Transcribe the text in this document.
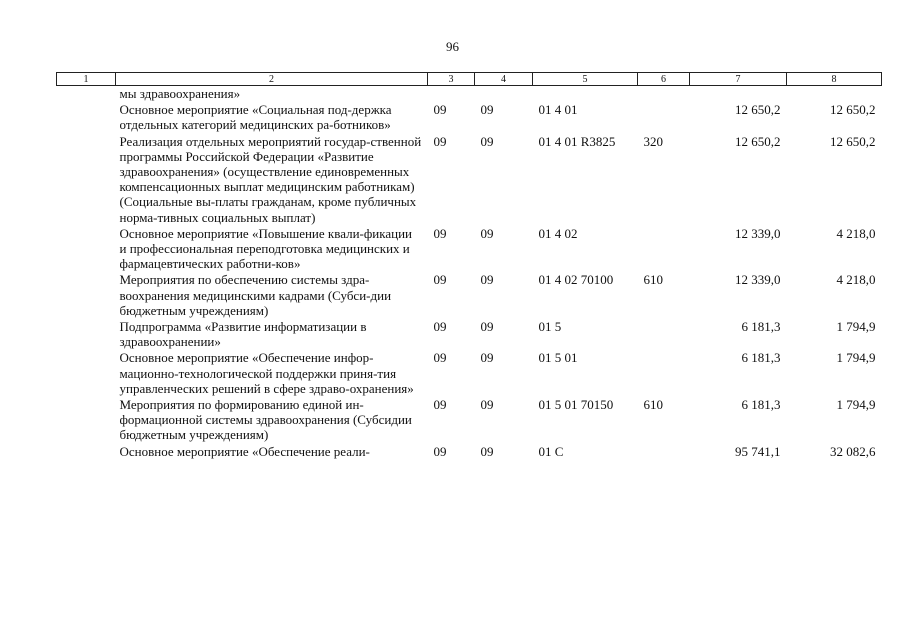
96
1	2	3	4	5	6	7	8
	мы здравоохранения»						
	Основное мероприятие «Социальная под-держка отдельных категорий медицинских ра-ботников»	09	09	01 4 01		12 650,2	12 650,2
	Реализация отдельных мероприятий государ-ственной программы Российской Федерации «Развитие здравоохранения» (осуществление единовременных компенсационных выплат медицинским работникам) (Социальные вы-платы гражданам, кроме публичных норма-тивных социальных выплат)	09	09	01 4 01 R3825	320	12 650,2	12 650,2
	Основное мероприятие «Повышение квали-фикации и профессиональная переподготовка медицинских и фармацевтических работни-ков»	09	09	01 4 02		12 339,0	4 218,0
	Мероприятия по обеспечению системы здра-воохранения медицинскими кадрами (Субси-дии бюджетным учреждениям)	09	09	01 4 02 70100	610	12 339,0	4 218,0
	Подпрограмма «Развитие информатизации в здравоохранении»	09	09	01 5		6 181,3	1 794,9
	Основное мероприятие «Обеспечение инфор-мационно-технологической поддержки приня-тия управленческих решений в сфере здраво-охранения»	09	09	01 5 01		6 181,3	1 794,9
	Мероприятия по формированию единой ин-формационной системы здравоохранения (Субсидии бюджетным учреждениям)	09	09	01 5 01 70150	610	6 181,3	1 794,9
	Основное мероприятие «Обеспечение реали-	09	09	01 С		95 741,1	32 082,6
